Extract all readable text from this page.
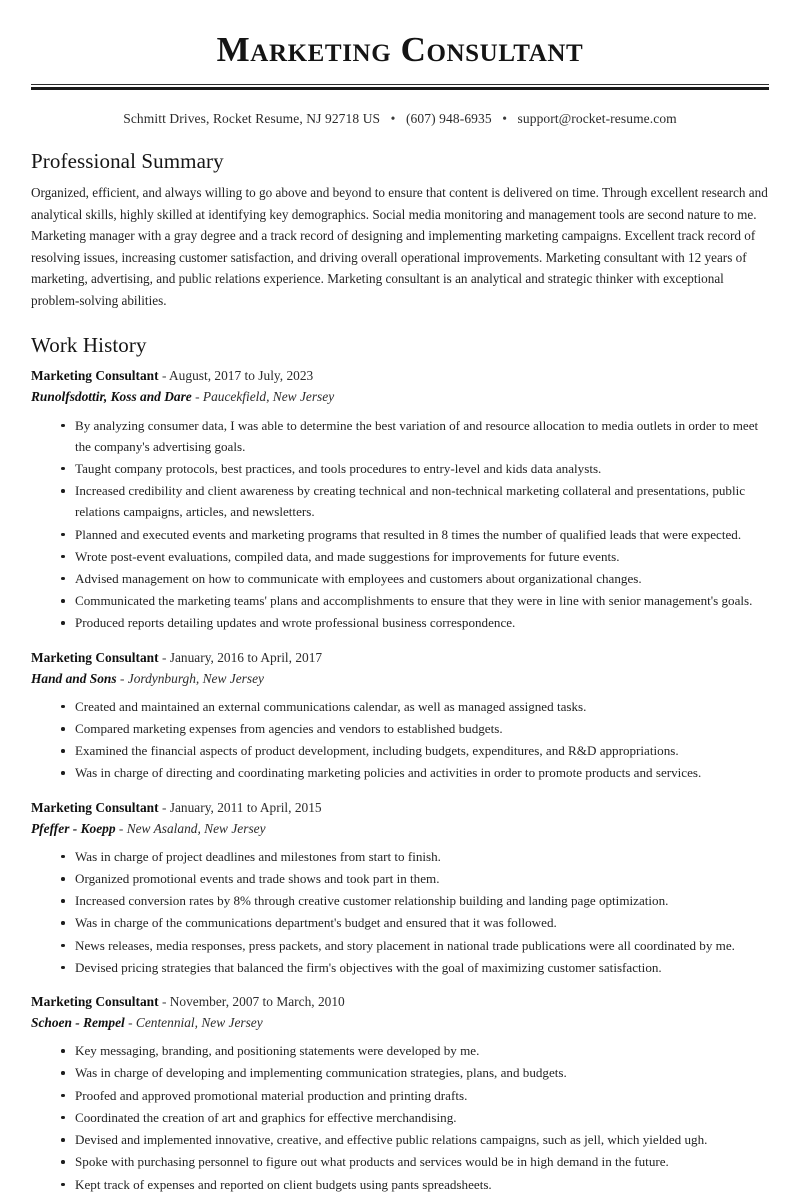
Marketing Consultant
Schmitt Drives, Rocket Resume, NJ 92718 US • (607) 948-6935 • support@rocket-resume.com
Professional Summary

Organized, efficient, and always willing to go above and beyond to ensure that content is delivered on time. Through excellent research and analytical skills, highly skilled at identifying key demographics. Social media monitoring and management tools are second nature to me. Marketing manager with a gray degree and a track record of designing and implementing marketing campaigns. Excellent track record of resolving issues, increasing customer satisfaction, and driving overall operational improvements. Marketing consultant with 12 years of marketing, advertising, and public relations experience. Marketing consultant is an analytical and strategic thinker with exceptional problem-solving abilities.

Work History
Marketing Consultant - August, 2017 to July, 2023
Runolfsdottir, Koss and Dare - Paucekfield, New Jersey
By analyzing consumer data, I was able to determine the best variation of and resource allocation to media outlets in order to meet the company's advertising goals.
Taught company protocols, best practices, and tools procedures to entry-level and kids data analysts.
Increased credibility and client awareness by creating technical and non-technical marketing collateral and presentations, public relations campaigns, articles, and newsletters.
Planned and executed events and marketing programs that resulted in 8 times the number of qualified leads that were expected.
Wrote post-event evaluations, compiled data, and made suggestions for improvements for future events.
Advised management on how to communicate with employees and customers about organizational changes.
Communicated the marketing teams' plans and accomplishments to ensure that they were in line with senior management's goals.
Produced reports detailing updates and wrote professional business correspondence.
Marketing Consultant - January, 2016 to April, 2017
Hand and Sons - Jordynburgh, New Jersey
Created and maintained an external communications calendar, as well as managed assigned tasks.
Compared marketing expenses from agencies and vendors to established budgets.
Examined the financial aspects of product development, including budgets, expenditures, and R&D appropriations.
Was in charge of directing and coordinating marketing policies and activities in order to promote products and services.
Marketing Consultant - January, 2011 to April, 2015
Pfeffer - Koepp - New Asaland, New Jersey
Was in charge of project deadlines and milestones from start to finish.
Organized promotional events and trade shows and took part in them.
Increased conversion rates by 8% through creative customer relationship building and landing page optimization.
Was in charge of the communications department's budget and ensured that it was followed.
News releases, media responses, press packets, and story placement in national trade publications were all coordinated by me.
Devised pricing strategies that balanced the firm's objectives with the goal of maximizing customer satisfaction.
Marketing Consultant - November, 2007 to March, 2010
Schoen - Rempel - Centennial, New Jersey
Key messaging, branding, and positioning statements were developed by me.
Was in charge of developing and implementing communication strategies, plans, and budgets.
Proofed and approved promotional material production and printing drafts.
Coordinated the creation of art and graphics for effective merchandising.
Devised and implemented innovative, creative, and effective public relations campaigns, such as jell, which yielded ugh.
Spoke with purchasing personnel to figure out what products and services would be in high demand in the future.
Kept track of expenses and reported on client budgets using pants spreadsheets.
